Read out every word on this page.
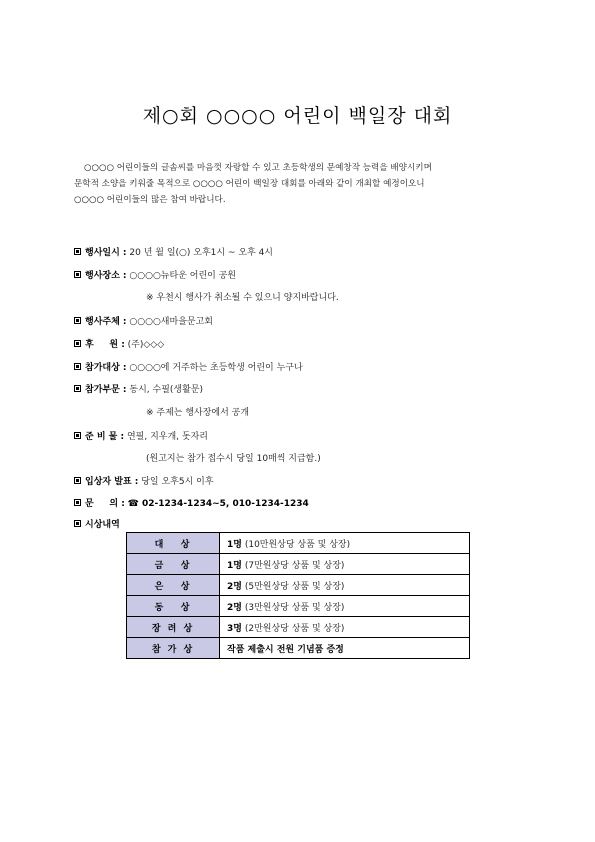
제○회 ○○○○ 어린이 백일장 대회

○○○○ 어린이들의 글솜씨를 마음껏 자랑할 수 있고 초등학생의 문예창작 능력을 배양시키며

문학적 소양을 키워줄 목적으로 ○○○○ 어린이 백일장 대회를 아래와 같이 개최할 예정이오니

○○○○ 어린이들의 많은 참여 바랍니다.

행사일시 : 20 년 월 일(○) 오후1시 ~ 오후 4시
행사장소 : ○○○○뉴타운 어린이 공원
※ 우천시 행사가 취소될 수 있으니 양지바랍니다.
행사주체 : ○○○○새마을문고회
후     원 : (주)◇◇◇
참가대상 : ○○○○에 거주하는 초등학생 어린이 누구나
참가부문 : 동시, 수필(생활문)
※ 주제는 행사장에서 공개
준 비 물 : 연필, 지우개, 돗자리
(원고지는 참가 접수시 당일 10매씩 지급함.)
입상자 발표 : 당일 오후5시 이후
문     의 : ☎ 02-1234-1234~5, 010-1234-1234
시상내역
대   상	1명 (10만원상당 상품 및 상장)
금   상	1명 (7만원상당 상품 및 상장)
은   상	2명 (5만원상당 상품 및 상장)
동   상	2명 (3만원상당 상품 및 상장)
장 려 상	3명 (2만원상당 상품 및 상장)
참 가 상	작품 제출시 전원 기념품 증정
